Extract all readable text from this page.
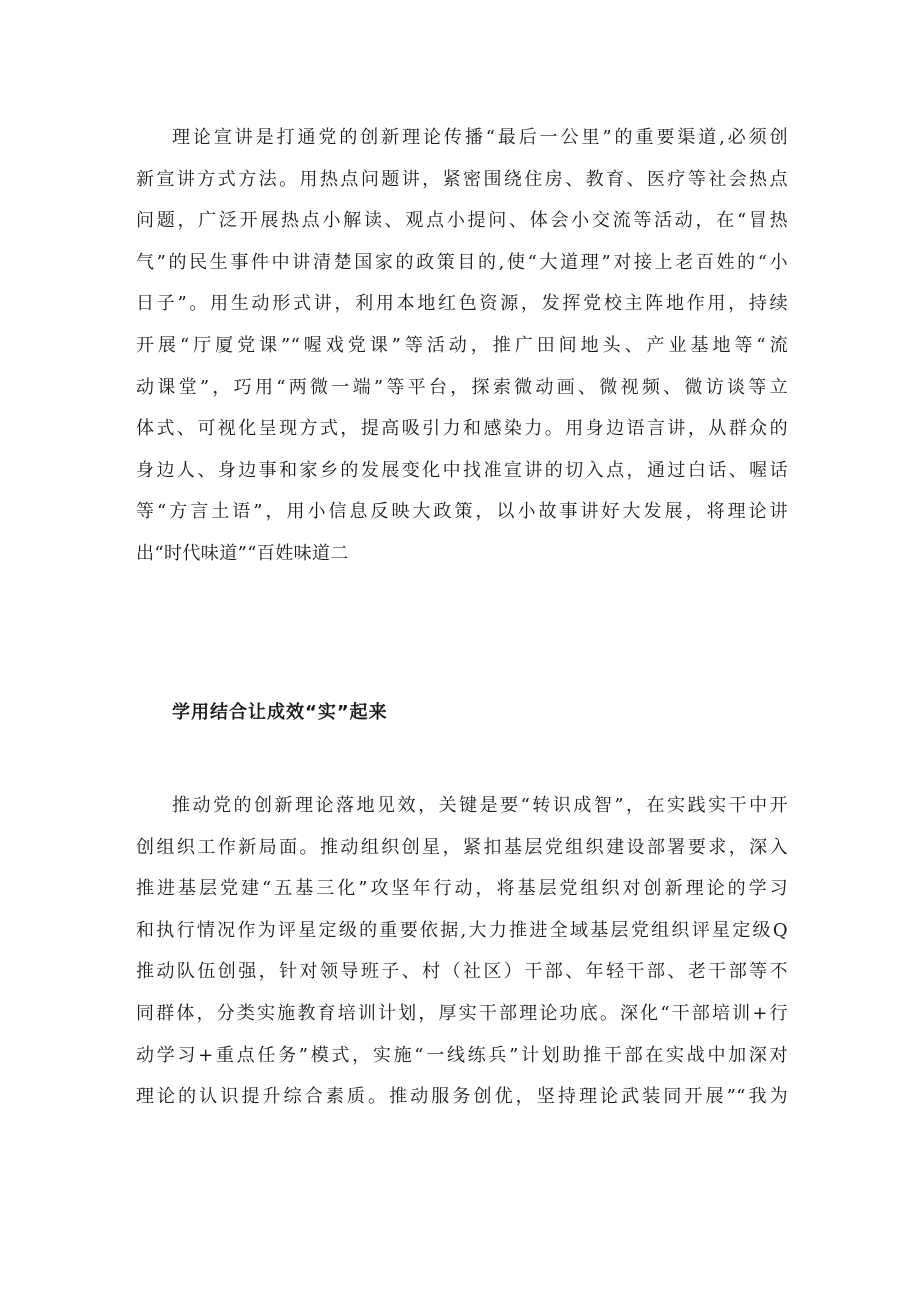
理论宣讲是打通党的创新理论传播“最后一公里”的重要渠道,必须创
新宣讲方式方法。用热点问题讲，紧密围绕住房、教育、医疗等社会热点
问题，广泛开展热点小解读、观点小提问、体会小交流等活动，在“冒热
气”的民生事件中讲清楚国家的政策目的,使“大道理”对接上老百姓的“小
日子”。用生动形式讲，利用本地红色资源，发挥党校主阵地作用，持续
开展“厅厦党课”“喔戏党课”等活动，推广田间地头、产业基地等“流
动课堂”，巧用“两微一端”等平台，探索微动画、微视频、微访谈等立
体式、可视化呈现方式，提高吸引力和感染力。用身边语言讲，从群众的
身边人、身边事和家乡的发展变化中找准宣讲的切入点，通过白话、喔话
等“方言土语”，用小信息反映大政策，以小故事讲好大发展，将理论讲
出“时代味道”“百姓味道二
学用结合让成效“实”起来
推动党的创新理论落地见效，关键是要“转识成智”，在实践实干中开
创组织工作新局面。推动组织创星，紧扣基层党组织建设部署要求，深入
推进基层党建“五基三化”攻坚年行动，将基层党组织对创新理论的学习
和执行情况作为评星定级的重要依据,大力推进全域基层党组织评星定级Q
推动队伍创强，针对领导班子、村（社区）干部、年轻干部、老干部等不
同群体，分类实施教育培训计划，厚实干部理论功底。深化“干部培训+行
动学习+重点任务”模式，实施“一线练兵”计划助推干部在实战中加深对
理论的认识提升综合素质。推动服务创优，坚持理论武装同开展”“我为
